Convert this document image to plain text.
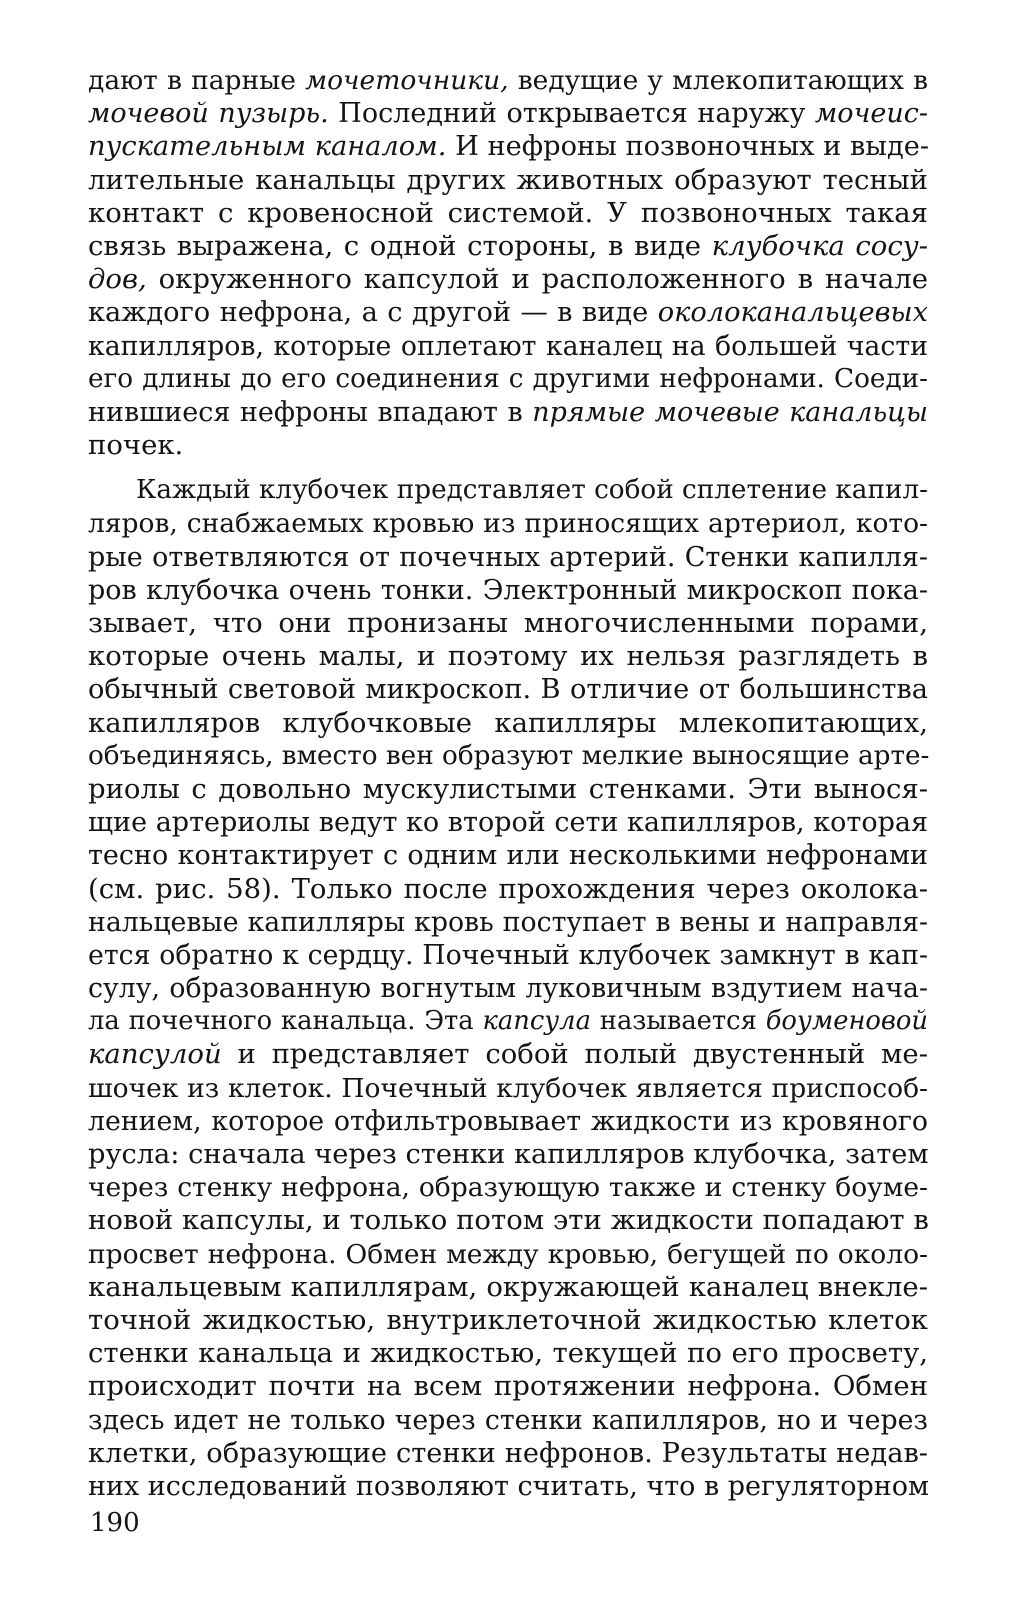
дают в парные мочеточники, ведущие у млекопитающих в
мочевой пузырь. Последний открывается наружу мочеис-
пускательным каналом. И нефроны позвоночных и выде-
лительные канальцы других животных образуют тесный
контакт с кровеносной системой. У позвоночных такая
связь выражена, с одной стороны, в виде клубочка сосу-
дов, окруженного капсулой и расположенного в начале
каждого нефрона, а с другой — в виде околоканальцевых
капилляров, которые оплетают каналец на большей части
его длины до его соединения с другими нефронами. Соеди-
нившиеся нефроны впадают в прямые мочевые канальцы
почек.
Каждый клубочек представляет собой сплетение капил-
ляров, снабжаемых кровью из приносящих артериол, кото-
рые ответвляются от почечных артерий. Стенки капилля-
ров клубочка очень тонки. Электронный микроскоп пока-
зывает, что они пронизаны многочисленными порами,
которые очень малы, и поэтому их нельзя разглядеть в
обычный световой микроскоп. В отличие от большинства
капилляров клубочковые капилляры млекопитающих,
объединяясь, вместо вен образуют мелкие выносящие арте-
риолы с довольно мускулистыми стенками. Эти вынося-
щие артериолы ведут ко второй сети капилляров, которая
тесно контактирует с одним или несколькими нефронами
(см. рис. 58). Только после прохождения через околока-
нальцевые капилляры кровь поступает в вены и направля-
ется обратно к сердцу. Почечный клубочек замкнут в кап-
сулу, образованную вогнутым луковичным вздутием нача-
ла почечного канальца. Эта капсула называется боуменовой
капсулой и представляет собой полый двустенный ме-
шочек из клеток. Почечный клубочек является приспособ-
лением, которое отфильтровывает жидкости из кровяного
русла: сначала через стенки капилляров клубочка, затем
через стенку нефрона, образующую также и стенку боуме-
новой капсулы, и только потом эти жидкости попадают в
просвет нефрона. Обмен между кровью, бегущей по около-
канальцевым капиллярам, окружающей каналец внекле-
точной жидкостью, внутриклеточной жидкостью клеток
стенки канальца и жидкостью, текущей по его просвету,
происходит почти на всем протяжении нефрона. Обмен
здесь идет не только через стенки капилляров, но и через
клетки, образующие стенки нефронов. Результаты недав-
них исследований позволяют считать, что в регуляторном
190
